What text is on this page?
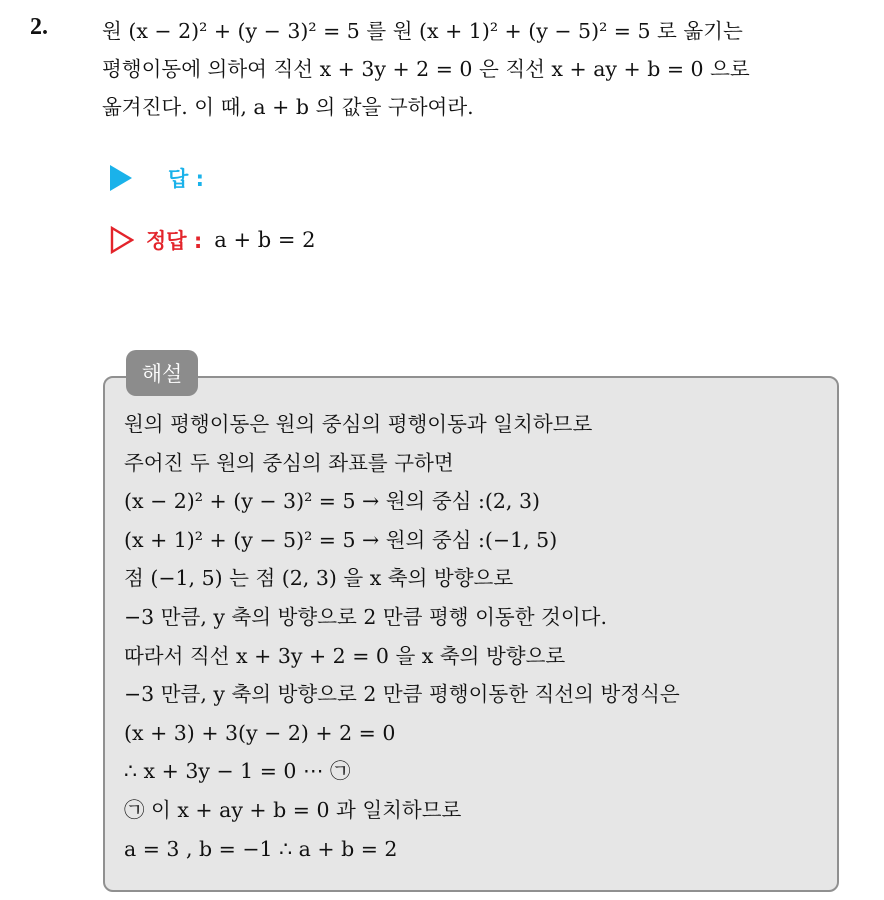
2.	원 (x − 2)² + (y − 3)² = 5 를 원 (x + 1)² + (y − 5)² = 5 로 옮기는
평행이동에 의하여 직선 x + 3y + 2 = 0 은 직선 x + ay + b = 0 으로
옮겨진다. 이 때, a + b 의 값을 구하여라.
답 :
정답 : a + b = 2
해설
원의 평행이동은 원의 중심의 평행이동과 일치하므로
주어진 두 원의 중심의 좌표를 구하면
(x − 2)² + (y − 3)² = 5 → 원의 중심 :(2, 3)
(x + 1)² + (y − 5)² = 5 → 원의 중심 :(−1, 5)
점 (−1, 5) 는 점 (2, 3) 을 x 축의 방향으로
−3 만큼, y 축의 방향으로 2 만큼 평행 이동한 것이다.
따라서 직선 x + 3y + 2 = 0 을 x 축의 방향으로
−3 만큼, y 축의 방향으로 2 만큼 평행이동한 직선의 방정식은
(x + 3) + 3(y − 2) + 2 = 0
∴ x + 3y − 1 = 0 ⋯ ㉠
㉠ 이 x + ay + b = 0 과 일치하므로
a = 3 , b = −1 ∴ a + b = 2
